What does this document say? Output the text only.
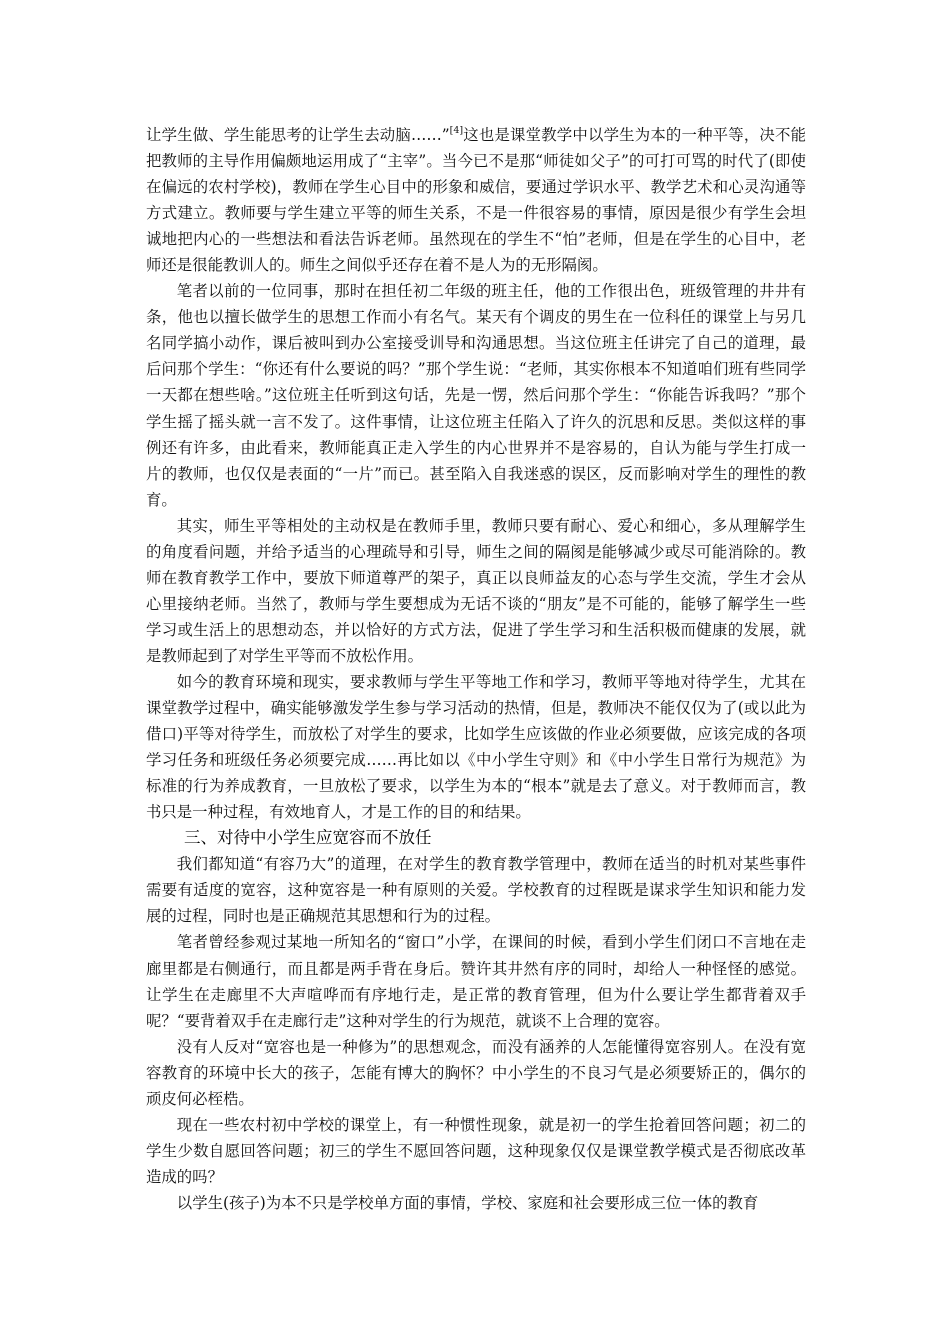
让学生做、学生能思考的让学生去动脑……”[4]这也是课堂教学中以学生为本的一种平等，决不能把教师的主导作用偏颇地运用成了“主宰”。当今已不是那“师徒如父子”的可打可骂的时代了(即使在偏远的农村学校)，教师在学生心目中的形象和威信，要通过学识水平、教学艺术和心灵沟通等方式建立。教师要与学生建立平等的师生关系，不是一件很容易的事情，原因是很少有学生会坦诚地把内心的一些想法和看法告诉老师。虽然现在的学生不“怕”老师，但是在学生的心目中，老师还是很能教训人的。师生之间似乎还存在着不是人为的无形隔阂。

笔者以前的一位同事，那时在担任初二年级的班主任，他的工作很出色，班级管理的井井有条，他也以擅长做学生的思想工作而小有名气。某天有个调皮的男生在一位科任的课堂上与另几名同学搞小动作，课后被叫到办公室接受训导和沟通思想。当这位班主任讲完了自己的道理，最后问那个学生：“你还有什么要说的吗？”那个学生说：“老师，其实你根本不知道咱们班有些同学一天都在想些啥。”这位班主任听到这句话，先是一愣，然后问那个学生：“你能告诉我吗？”那个学生摇了摇头就一言不发了。这件事情，让这位班主任陷入了许久的沉思和反思。类似这样的事例还有许多，由此看来，教师能真正走入学生的内心世界并不是容易的，自认为能与学生打成一片的教师，也仅仅是表面的“一片”而已。甚至陷入自我迷惑的误区，反而影响对学生的理性的教育。

其实，师生平等相处的主动权是在教师手里，教师只要有耐心、爱心和细心，多从理解学生的角度看问题，并给予适当的心理疏导和引导，师生之间的隔阂是能够减少或尽可能消除的。教师在教育教学工作中，要放下师道尊严的架子，真正以良师益友的心态与学生交流，学生才会从心里接纳老师。当然了，教师与学生要想成为无话不谈的“朋友”是不可能的，能够了解学生一些学习或生活上的思想动态，并以恰好的方式方法，促进了学生学习和生活积极而健康的发展，就是教师起到了对学生平等而不放松作用。

如今的教育环境和现实，要求教师与学生平等地工作和学习，教师平等地对待学生，尤其在课堂教学过程中，确实能够激发学生参与学习活动的热情，但是，教师决不能仅仅为了(或以此为借口)平等对待学生，而放松了对学生的要求，比如学生应该做的作业必须要做，应该完成的各项学习任务和班级任务必须要完成……再比如以《中小学生守则》和《中小学生日常行为规范》为标准的行为养成教育，一旦放松了要求，以学生为本的“根本”就是去了意义。对于教师而言，教书只是一种过程，有效地育人，才是工作的目的和结果。

三、对待中小学生应宽容而不放任

我们都知道“有容乃大”的道理，在对学生的教育教学管理中，教师在适当的时机对某些事件需要有适度的宽容，这种宽容是一种有原则的关爱。学校教育的过程既是谋求学生知识和能力发展的过程，同时也是正确规范其思想和行为的过程。

笔者曾经参观过某地一所知名的“窗口”小学，在课间的时候，看到小学生们闭口不言地在走廊里都是右侧通行，而且都是两手背在身后。赞许其井然有序的同时，却给人一种怪怪的感觉。让学生在走廊里不大声喧哗而有序地行走，是正常的教育管理，但为什么要让学生都背着双手呢？“要背着双手在走廊行走”这种对学生的行为规范，就谈不上合理的宽容。

没有人反对“宽容也是一种修为”的思想观念，而没有涵养的人怎能懂得宽容别人。在没有宽容教育的环境中长大的孩子，怎能有博大的胸怀？中小学生的不良习气是必须要矫正的，偶尔的顽皮何必桎梏。

现在一些农村初中学校的课堂上，有一种惯性现象，就是初一的学生抢着回答问题；初二的学生少数自愿回答问题；初三的学生不愿回答问题，这种现象仅仅是课堂教学模式是否彻底改革造成的吗？

以学生(孩子)为本不只是学校单方面的事情，学校、家庭和社会要形成三位一体的教育
